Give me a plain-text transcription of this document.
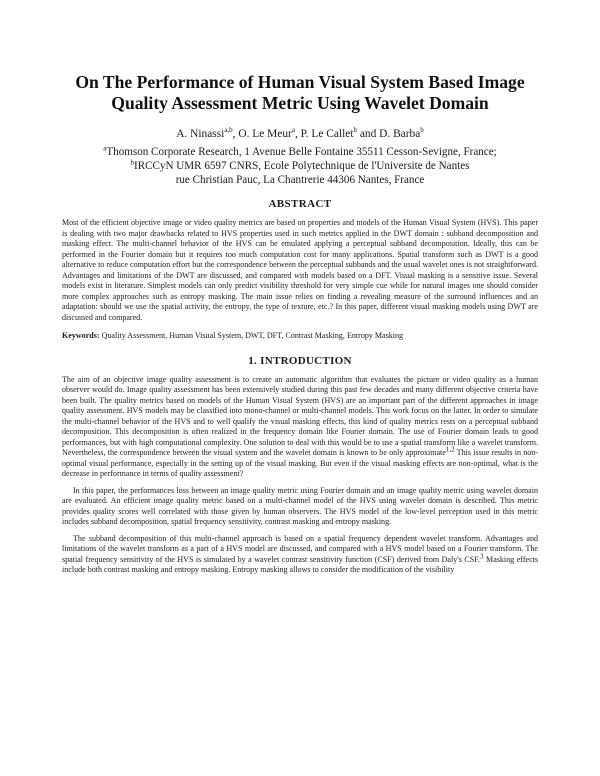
On The Performance of Human Visual System Based Image
Quality Assessment Metric Using Wavelet Domain
A. Ninassi$^{a,b}$, O. Le Meur$^a$, P. Le Callet$^b$ and D. Barba$^b$
$^a$Thomson Corporate Research, 1 Avenue Belle Fontaine 35511 Cesson-Sevigne, France;
$^b$IRCCyN UMR 6597 CNRS, Ecole Polytechnique de l'Universite de Nantes
rue Christian Pauc, La Chantrerie 44306 Nantes, France
ABSTRACT

Most of the efficient objective image or video quality metrics are based on properties and models of the Human Visual System (HVS). This paper is dealing with two major drawbacks related to HVS properties used in such metrics applied in the DWT domain : subband decomposition and masking effect. The multi-channel behavior of the HVS can be emulated applying a perceptual subband decomposition. Ideally, this can be performed in the Fourier domain but it requires too much computation cost for many applications. Spatial transform such as DWT is a good alternative to reduce computation effort but the correspondence between the perceptual subbands and the usual wavelet ones is not straightforward. Advantages and limitations of the DWT are discussed, and compared with models based on a DFT. Visual masking is a sensitive issue. Several models exist in literature. Simplest models can only predict visibility threshold for very simple cue while for natural images one should consider more complex approaches such as entropy masking. The main issue relies on finding a revealing measure of the surround influences and an adaptation: should we use the spatial activity, the entropy, the type of texture, etc.? In this paper, different visual masking models using DWT are discussed and compared.

Keywords: Quality Assessment, Human Visual System, DWT, DFT, Contrast Masking, Entropy Masking

1. INTRODUCTION

The aim of an objective image quality assessment is to create an automatic algorithm that evaluates the picture or video quality as a human observer would do. Image quality assessment has been extensively studied during this past few decades and many different objective criteria have been built. The quality metrics based on models of the Human Visual System (HVS) are an important part of the different approaches in image quality assessment. HVS models may be classified into mono-channel or multi-channel models. This work focus on the latter. In order to simulate the multi-channel behavior of the HVS and to well qualify the visual masking effects, this kind of quality metrics rests on a perceptual subband decomposition. This decomposition is often realized in the frequency domain like Fourier domain. The use of Fourier domain leads to good performances, but with high computational complexity. One solution to deal with this would be to use a spatial transform like a wavelet transform. Nevertheless, the correspondence between the visual system and the wavelet domain is known to be only approximate$^{1,2}$ This issue results in non-optimal visual performance, especially in the setting up of the visual masking. But even if the visual masking effects are non-optimal, what is the decrease in performance in terms of quality assessment?

In this paper, the performances loss between an image quality metric using Fourier domain and an image quality metric using wavelet domain are evaluated. An efficient image quality metric based on a multi-channel model of the HVS using wavelet domain is described. This metric provides quality scores well correlated with those given by human observers. The HVS model of the low-level perception used in this metric includes subband decomposition, spatial frequency sensitivity, contrast masking and entropy masking.

The subband decomposition of this multi-channel approach is based on a spatial frequency dependent wavelet transform. Advantages and limitations of the wavelet transform as a part of a HVS model are discussed, and compared with a HVS model based on a Fourier transform. The spatial frequency sensitivity of the HVS is simulated by a wavelet contrast sensitivity function (CSF) derived from Daly's CSF.$^3$ Masking effects include both contrast masking and entropy masking. Entropy masking allows to consider the modification of the visibility
